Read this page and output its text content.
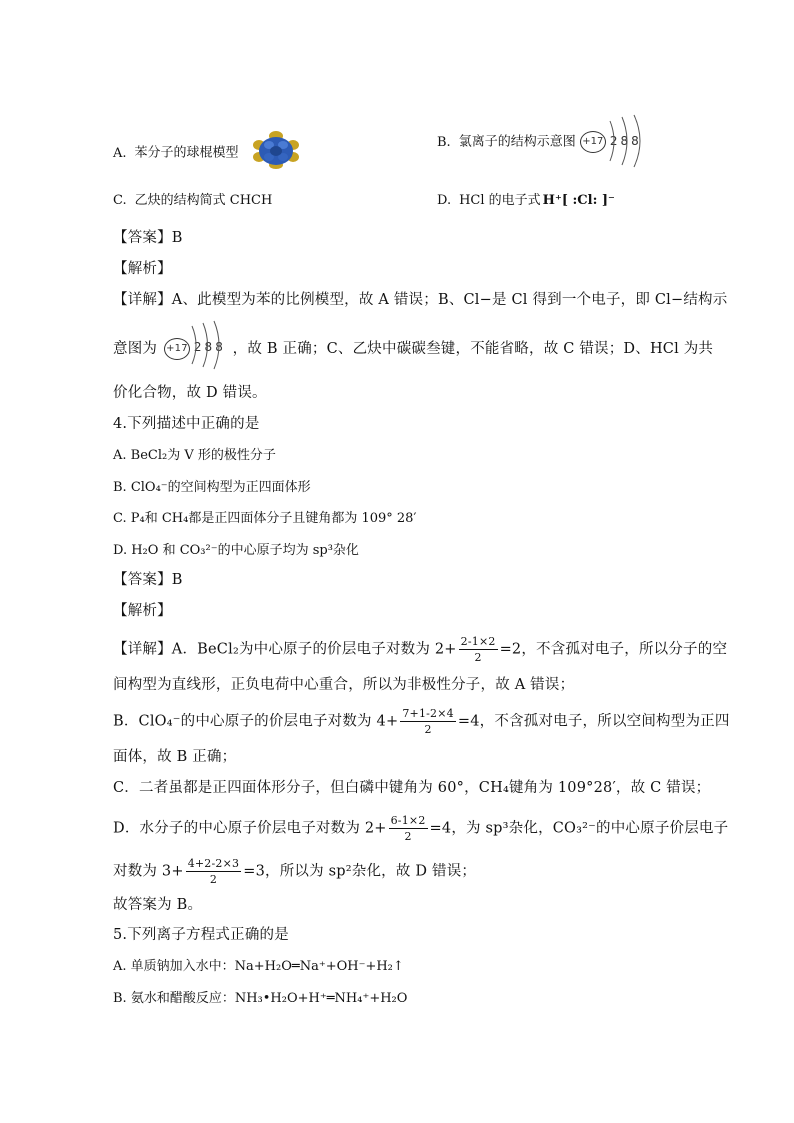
A. 苯分子的球棍模型
B. 氯离子的结构示意图 +17 288
C. 乙炔的结构简式 CHCH	D. HCl 的电子式 H⁺[ :Cl: ]⁻
【答案】B
【解析】
【详解】A、此模型为苯的比例模型，故 A 错误；B、Cl−是 Cl 得到一个电子，即 Cl−结构示
意图为 +17 288 ，故 B 正确；C、乙炔中碳碳叁键，不能省略，故 C 错误；D、HCl 为共
价化合物，故 D 错误。
4.下列描述中正确的是
A. BeCl₂为 V 形的极性分子
B. ClO₄⁻的空间构型为正四面体形
C. P₄和 CH₄都是正四面体分子且键角都为 109° 28′
D. H₂O 和 CO₃²⁻的中心原子均为 sp³杂化
【答案】B
【解析】
【详解】A．BeCl₂为中心原子的价层电子对数为 $2+ \frac{2-1\times 2}{2} =2$，不含孤对电子，所以分子的空
间构型为直线形，正负电荷中心重合，所以为非极性分子，故 A 错误；
B．ClO₄⁻的中心原子的价层电子对数为 $4+ \frac{7+1-2\times 4}{2} =4$，不含孤对电子，所以空间构型为正四
面体，故 B 正确；
C．二者虽都是正四面体形分子，但白磷中键角为 60°，CH₄键角为 109°28′，故 C 错误；
D．水分子的中心原子价层电子对数为 $2+ \frac{6-1\times 2}{2} =4$，为 sp³杂化，CO₃²⁻的中心原子价层电子
对数为 $3+ \frac{4+2-2\times 3}{2} =3$，所以为 sp²杂化，故 D 错误；
故答案为 B。
5.下列离子方程式正确的是
A. 单质钠加入水中：Na+H₂O═Na⁺+OH⁻+H₂↑
B. 氨水和醋酸反应：NH₃•H₂O+H⁺═NH₄⁺+H₂O
